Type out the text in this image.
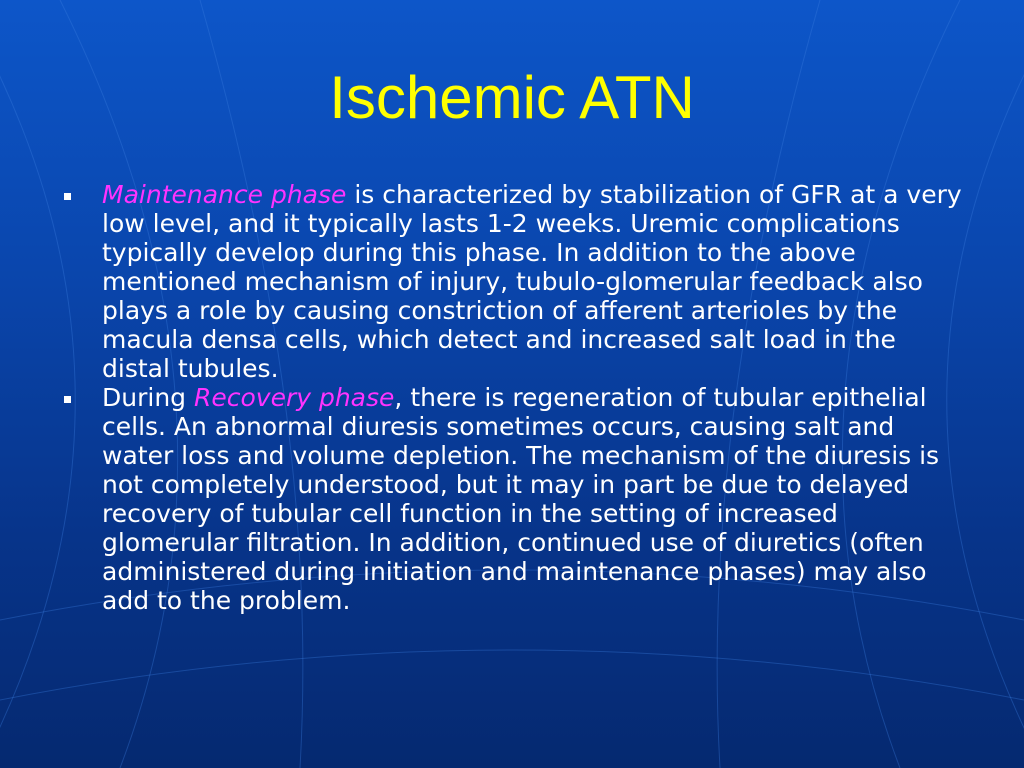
Ischemic ATN
Maintenance phase is characterized by stabilization of GFR at a very low level, and it typically lasts 1-2 weeks. Uremic complications typically develop during this phase. In addition to the above mentioned mechanism of injury, tubulo-glomerular feedback also plays a role by causing constriction of afferent arterioles by the macula densa cells, which detect and increased salt load in the distal tubules.
During Recovery phase, there is regeneration of tubular epithelial cells. An abnormal diuresis sometimes occurs, causing salt and water loss and volume depletion. The mechanism of the diuresis is not completely understood, but it may in part be due to delayed recovery of tubular cell function in the setting of increased glomerular filtration. In addition, continued use of diuretics (often administered during initiation and maintenance phases) may also add to the problem.
